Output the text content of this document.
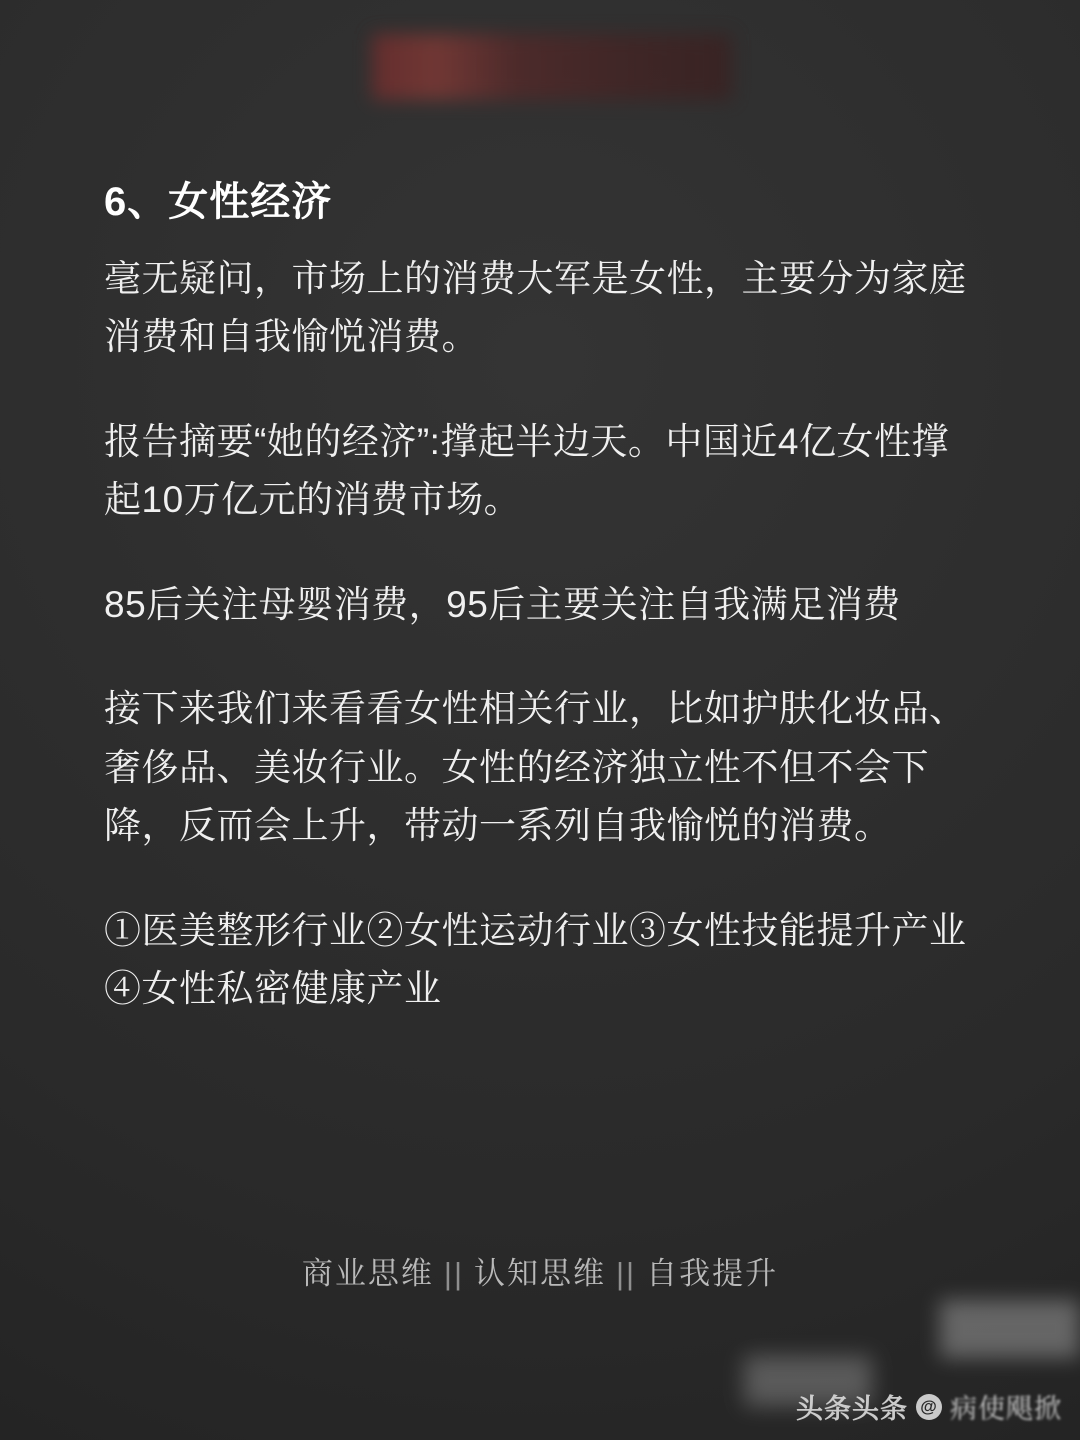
6、女性经济

毫无疑问，市场上的消费大军是女性，主要分为家庭消费和自我愉悦消费。

报告摘要“她的经济”:撑起半边天。中国近4亿女性撑起10万亿元的消费市场。

85后关注母婴消费，95后主要关注自我满足消费

接下来我们来看看女性相关行业，比如护肤化妆品、奢侈品、美妆行业。女性的经济独立性不但不会下降，反而会上升，带动一系列自我愉悦的消费。

①医美整形行业②女性运动行业③女性技能提升产业④女性私密健康产业

商业思维 || 认知思维 || 自我提升
头条头条 @ 病使飓掀
